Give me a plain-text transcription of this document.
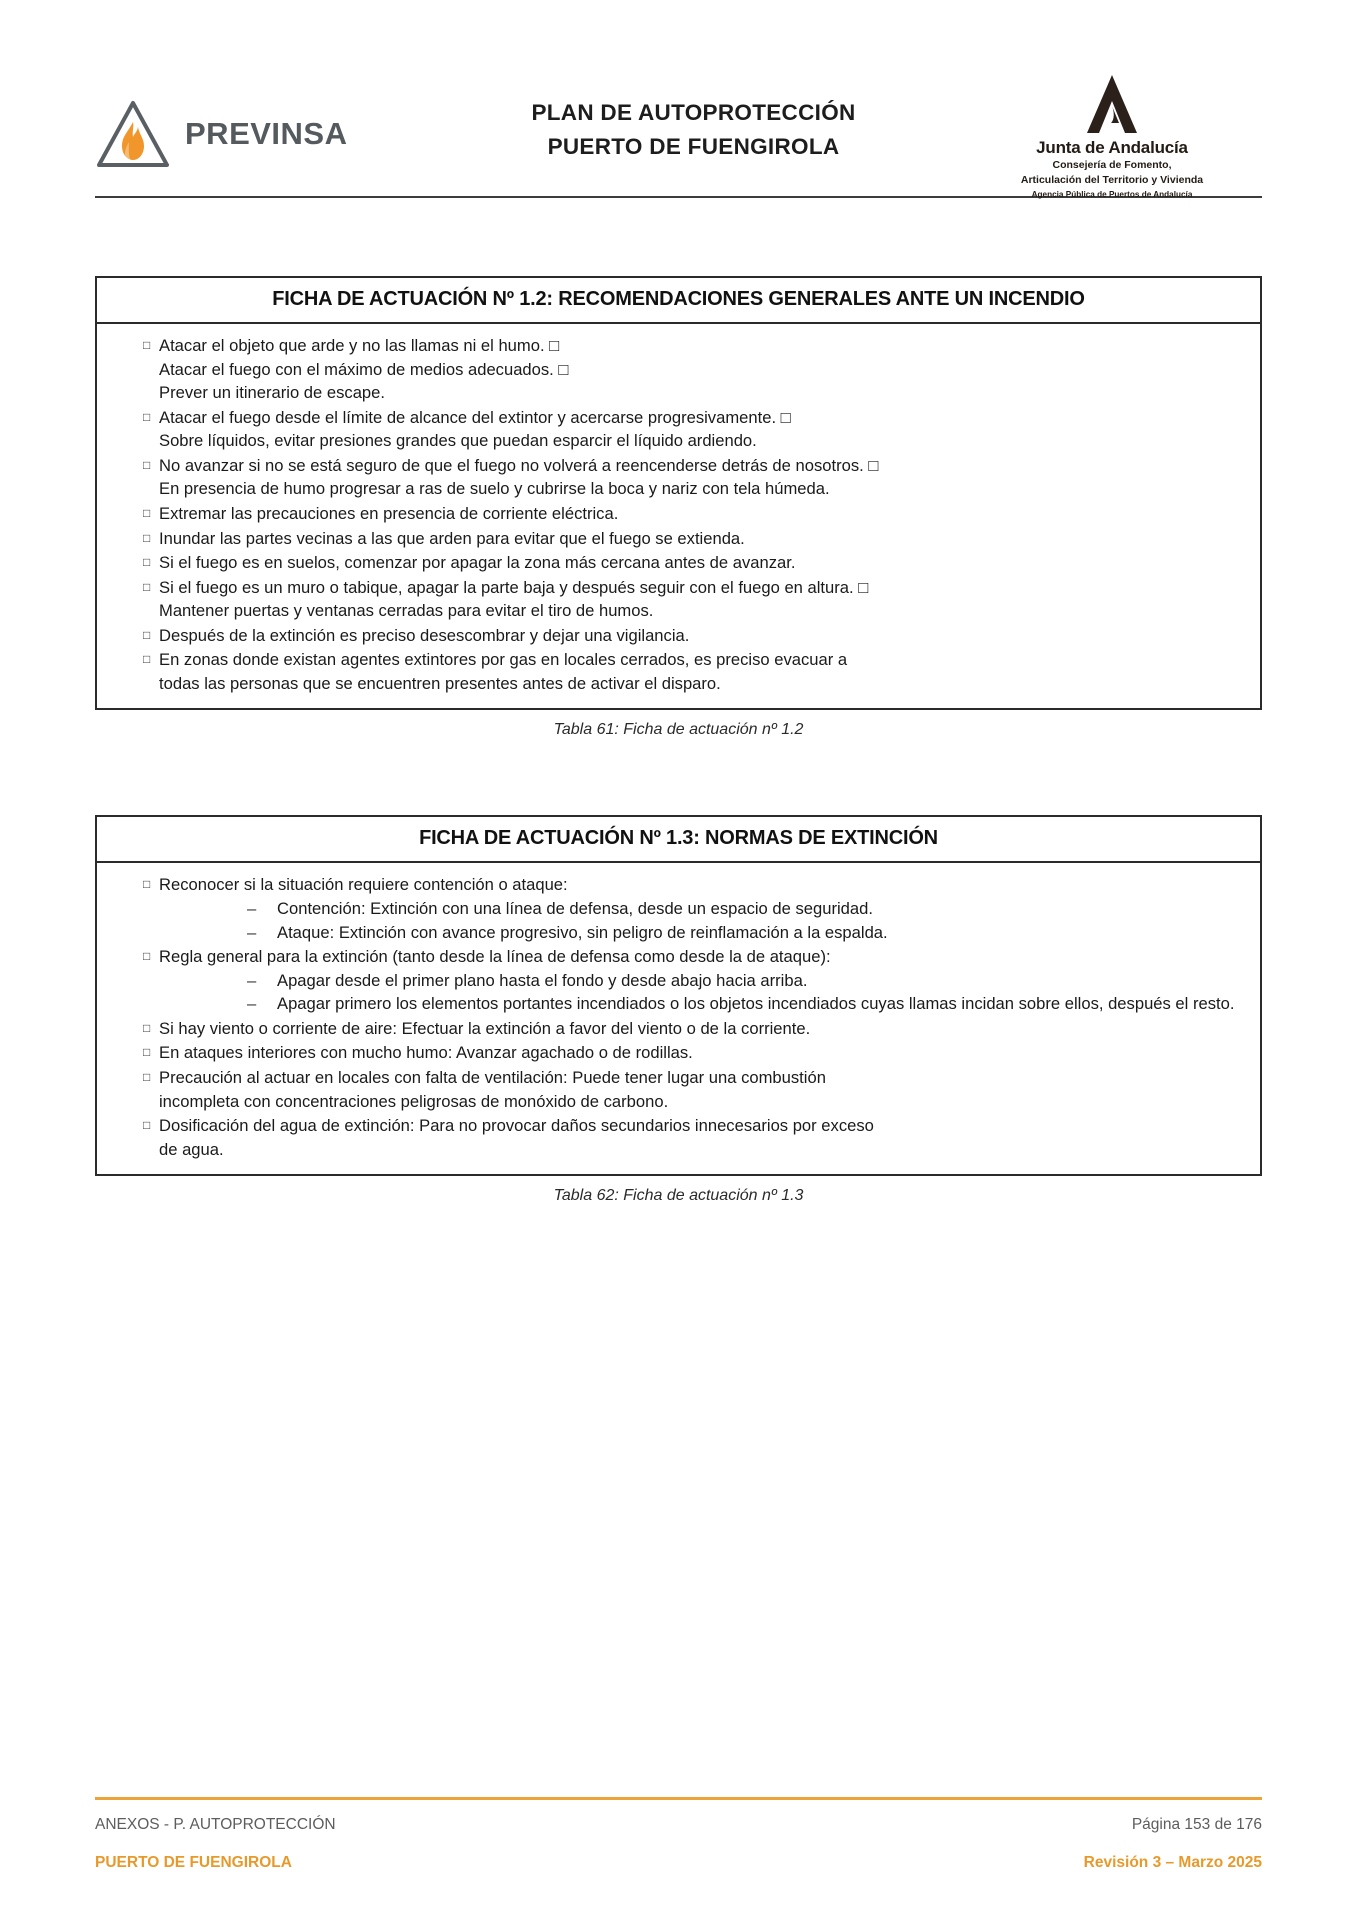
PREVINSA
PLAN DE AUTOPROTECCIÓN
PUERTO DE FUENGIROLA	Junta de Andalucía
Consejería de Fomento,
Articulación del Territorio y Vivienda
Agencia Pública de Puertos de Andalucía
FICHA DE ACTUACIÓN Nº 1.2: RECOMENDACIONES GENERALES ANTE UN INCENDIO
□ Atacar el objeto que arde y no las llamas ni el humo. □
Atacar el fuego con el máximo de medios adecuados. □
Prever un itinerario de escape.
□ Atacar el fuego desde el límite de alcance del extintor y acercarse progresivamente. □
Sobre líquidos, evitar presiones grandes que puedan esparcir el líquido ardiendo.
□ No avanzar si no se está seguro de que el fuego no volverá a reencenderse detrás de nosotros. □
En presencia de humo progresar a ras de suelo y cubrirse la boca y nariz con tela húmeda.
□ Extremar las precauciones en presencia de corriente eléctrica.
□ Inundar las partes vecinas a las que arden para evitar que el fuego se extienda.
□ Si el fuego es en suelos, comenzar por apagar la zona más cercana antes de avanzar.
□ Si el fuego es un muro o tabique, apagar la parte baja y después seguir con el fuego en altura. □
Mantener puertas y ventanas cerradas para evitar el tiro de humos.
□ Después de la extinción es preciso desescombrar y dejar una vigilancia.
□ En zonas donde existan agentes extintores por gas en locales cerrados, es preciso evacuar a
todas las personas que se encuentren presentes antes de activar el disparo.
Tabla 61: Ficha de actuación nº 1.2
FICHA DE ACTUACIÓN Nº 1.3: NORMAS DE EXTINCIÓN
□ Reconocer si la situación requiere contención o ataque:
–	Contención: Extinción con una línea de defensa, desde un espacio de seguridad.
–	Ataque: Extinción con avance progresivo, sin peligro de reinflamación a la espalda.
□ Regla general para la extinción (tanto desde la línea de defensa como desde la de ataque):
–	Apagar desde el primer plano hasta el fondo y desde abajo hacia arriba.
–	Apagar primero los elementos portantes incendiados o los objetos incendiados cuyas llamas incidan sobre ellos, después el resto.
□ Si hay viento o corriente de aire: Efectuar la extinción a favor del viento o de la corriente.
□ En ataques interiores con mucho humo: Avanzar agachado o de rodillas.
□ Precaución al actuar en locales con falta de ventilación: Puede tener lugar una combustión
incompleta con concentraciones peligrosas de monóxido de carbono.
□ Dosificación del agua de extinción: Para no provocar daños secundarios innecesarios por exceso
de agua.
Tabla 62: Ficha de actuación nº 1.3
ANEXOS - P. AUTOPROTECCIÓN	Página 153 de 176
PUERTO DE FUENGIROLA	Revisión 3 – Marzo 2025
